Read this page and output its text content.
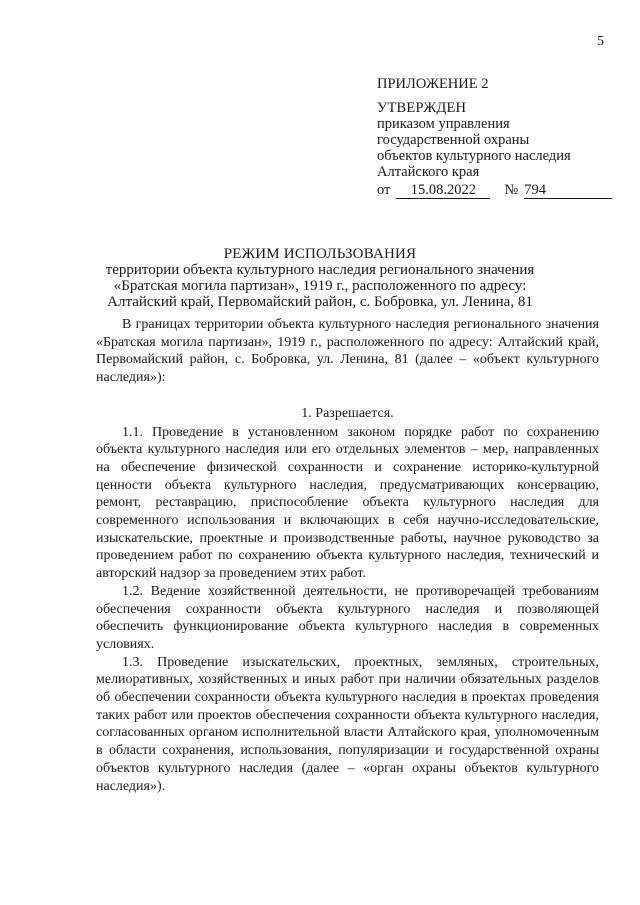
5
ПРИЛОЖЕНИЕ 2
УТВЕРЖДЕН
приказом управления
государственной охраны
объектов культурного наследия
Алтайского края
от 15.08.2022 № 794
РЕЖИМ ИСПОЛЬЗОВАНИЯ
территории объекта культурного наследия регионального значения
«Братская могила партизан», 1919 г., расположенного по адресу:
Алтайский край, Первомайский район, с. Бобровка, ул. Ленина, 81

В границах территории объекта культурного наследия регионального значения «Братская могила партизан», 1919 г., расположенного по адресу: Алтайский край, Первомайский район, с. Бобровка, ул. Ленина, 81 (далее – «объект культурного наследия»):

1. Разрешается.

1.1. Проведение в установленном законом порядке работ по сохранению объекта культурного наследия или его отдельных элементов – мер, направленных на обеспечение физической сохранности и сохранение историко-культурной ценности объекта культурного наследия, предусматривающих консервацию, ремонт, реставрацию, приспособление объекта культурного наследия для современного использования и включающих в себя научно-исследовательские, изыскательские, проектные и производственные работы, научное руководство за проведением работ по сохранению объекта культурного наследия, технический и авторский надзор за проведением этих работ.

1.2. Ведение хозяйственной деятельности, не противоречащей требованиям обеспечения сохранности объекта культурного наследия и позволяющей обеспечить функционирование объекта культурного наследия в современных условиях.

1.3. Проведение изыскательских, проектных, земляных, строительных, мелиоративных, хозяйственных и иных работ при наличии обязательных разделов об обеспечении сохранности объекта культурного наследия в проектах проведения таких работ или проектов обеспечения сохранности объекта культурного наследия, согласованных органом исполнительной власти Алтайского края, уполномоченным в области сохранения, использования, популяризации и государственной охраны объектов культурного наследия (далее – «орган охраны объектов культурного наследия»).
